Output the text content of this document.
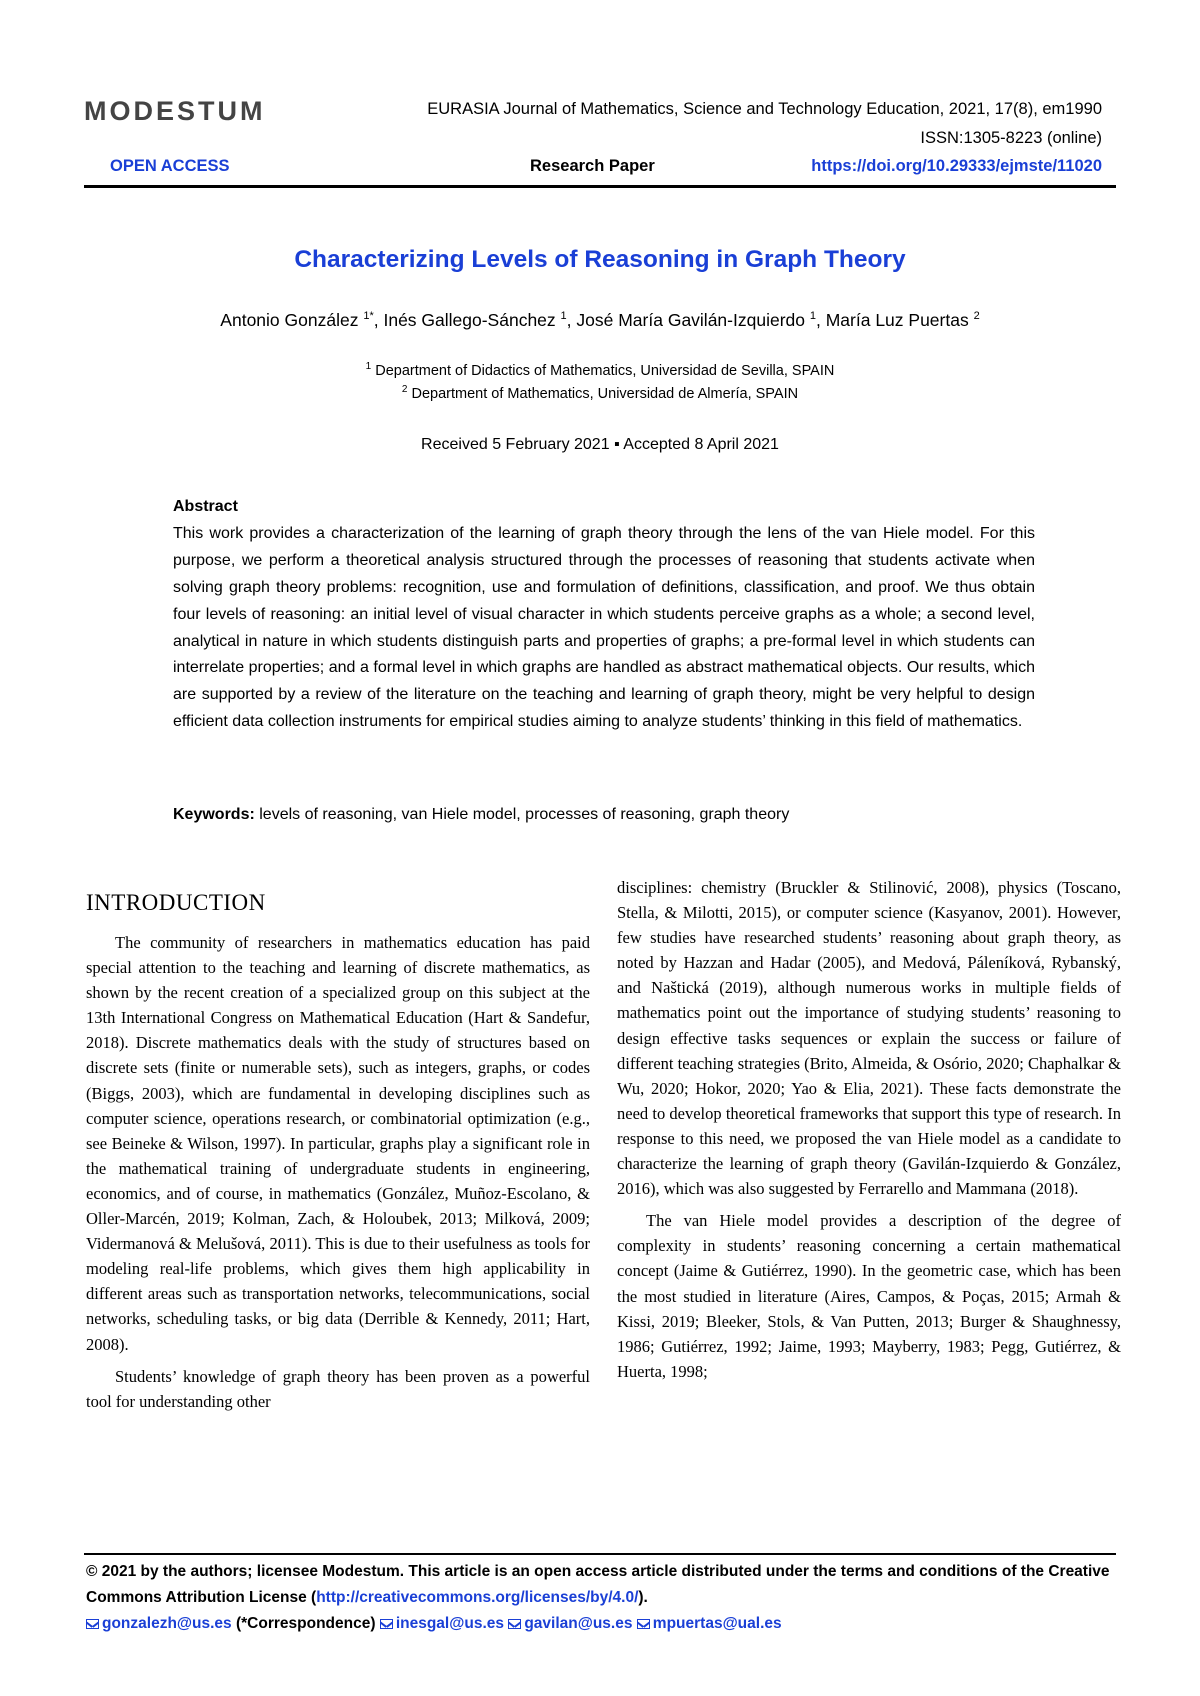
MODESTUM	EURASIA Journal of Mathematics, Science and Technology Education, 2021, 17(8), em1990
ISSN:1305-8223 (online)
OPEN ACCESS	Research Paper	https://doi.org/10.29333/ejmste/11020
Characterizing Levels of Reasoning in Graph Theory
Antonio González $^{1*}$, Inés Gallego-Sánchez $^1$, José María Gavilán-Izquierdo $^1$, María Luz Puertas $^2$
$^1$ Department of Didactics of Mathematics, Universidad de Sevilla, SPAIN
$^2$ Department of Mathematics, Universidad de Almería, SPAIN
Received 5 February 2021 ▪ Accepted 8 April 2021
Abstract
This work provides a characterization of the learning of graph theory through the lens of the van Hiele model. For this purpose, we perform a theoretical analysis structured through the processes of reasoning that students activate when solving graph theory problems: recognition, use and formulation of definitions, classification, and proof. We thus obtain four levels of reasoning: an initial level of visual character in which students perceive graphs as a whole; a second level, analytical in nature in which students distinguish parts and properties of graphs; a pre-formal level in which students can interrelate properties; and a formal level in which graphs are handled as abstract mathematical objects. Our results, which are supported by a review of the literature on the teaching and learning of graph theory, might be very helpful to design efficient data collection instruments for empirical studies aiming to analyze students’ thinking in this field of mathematics.
Keywords: levels of reasoning, van Hiele model, processes of reasoning, graph theory
INTRODUCTION

The community of researchers in mathematics education has paid special attention to the teaching and learning of discrete mathematics, as shown by the recent creation of a specialized group on this subject at the 13th International Congress on Mathematical Education (Hart & Sandefur, 2018). Discrete mathematics deals with the study of structures based on discrete sets (finite or numerable sets), such as integers, graphs, or codes (Biggs, 2003), which are fundamental in developing disciplines such as computer science, operations research, or combinatorial optimization (e.g., see Beineke & Wilson, 1997). In particular, graphs play a significant role in the mathematical training of undergraduate students in engineering, economics, and of course, in mathematics (González, Muñoz-Escolano, & Oller-Marcén, 2019; Kolman, Zach, & Holoubek, 2013; Milková, 2009; Vidermanová & Melušová, 2011). This is due to their usefulness as tools for modeling real-life problems, which gives them high applicability in different areas such as transportation networks, telecommunications, social networks, scheduling tasks, or big data (Derrible & Kennedy, 2011; Hart, 2008).

Students’ knowledge of graph theory has been proven as a powerful tool for understanding other

disciplines: chemistry (Bruckler & Stilinović, 2008), physics (Toscano, Stella, & Milotti, 2015), or computer science (Kasyanov, 2001). However, few studies have researched students’ reasoning about graph theory, as noted by Hazzan and Hadar (2005), and Medová, Páleníková, Rybanský, and Naštická (2019), although numerous works in multiple fields of mathematics point out the importance of studying students’ reasoning to design effective tasks sequences or explain the success or failure of different teaching strategies (Brito, Almeida, & Osório, 2020; Chaphalkar & Wu, 2020; Hokor, 2020; Yao & Elia, 2021). These facts demonstrate the need to develop theoretical frameworks that support this type of research. In response to this need, we proposed the van Hiele model as a candidate to characterize the learning of graph theory (Gavilán-Izquierdo & González, 2016), which was also suggested by Ferrarello and Mammana (2018).

The van Hiele model provides a description of the degree of complexity in students’ reasoning concerning a certain mathematical concept (Jaime & Gutiérrez, 1990). In the geometric case, which has been the most studied in literature (Aires, Campos, & Poças, 2015; Armah & Kissi, 2019; Bleeker, Stols, & Van Putten, 2013; Burger & Shaughnessy, 1986; Gutiérrez, 1992; Jaime, 1993; Mayberry, 1983; Pegg, Gutiérrez, & Huerta, 1998;

© 2021 by the authors; licensee Modestum. This article is an open access article distributed under the terms and conditions of the Creative Commons Attribution License (http://creativecommons.org/licenses/by/4.0/).
gonzalezh@us.es (*Correspondence) inesgal@us.es gavilan@us.es mpuertas@ual.es
